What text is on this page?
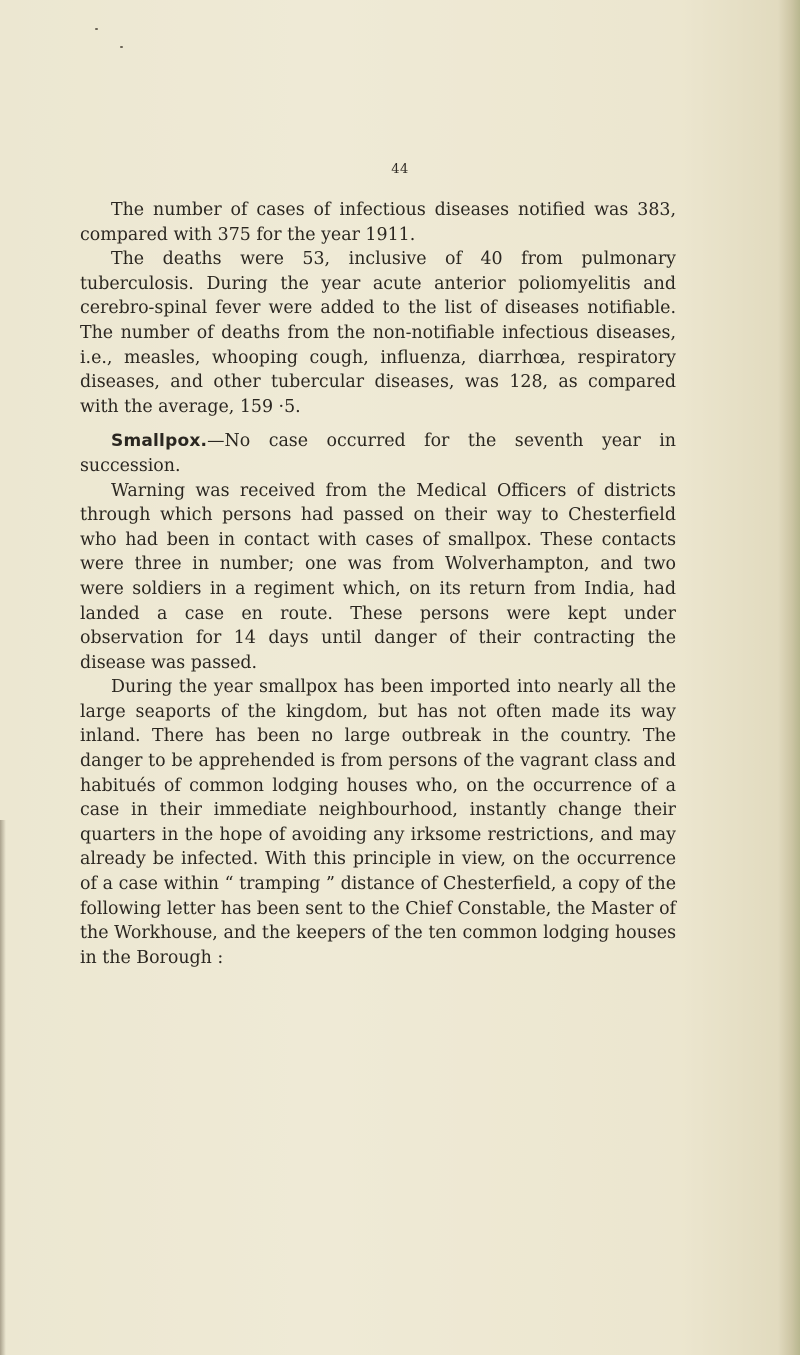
44

The number of cases of infectious diseases notified was 383, compared with 375 for the year 1911.

The deaths were 53, inclusive of 40 from pulmonary tuberculosis. During the year acute anterior poliomyelitis and cerebro-spinal fever were added to the list of diseases notifiable. The number of deaths from the non-notifiable infectious diseases, i.e., measles, whooping cough, influenza, diarrhœa, respiratory diseases, and other tubercular diseases, was 128, as compared with the average, 159 ·5.

Smallpox.—No case occurred for the seventh year in succession.

Warning was received from the Medical Officers of districts through which persons had passed on their way to Chesterfield who had been in contact with cases of smallpox. These contacts were three in number; one was from Wolverhampton, and two were soldiers in a regiment which, on its return from India, had landed a case en route. These persons were kept under observation for 14 days until danger of their contracting the disease was passed.

During the year smallpox has been imported into nearly all the large seaports of the kingdom, but has not often made its way inland. There has been no large outbreak in the country. The danger to be apprehended is from persons of the vagrant class and habitués of common lodging houses who, on the occurrence of a case in their immediate neighbourhood, instantly change their quarters in the hope of avoiding any irksome restrictions, and may already be infected. With this principle in view, on the occurrence of a case within “ tramping ” distance of Chesterfield, a copy of the following letter has been sent to the Chief Constable, the Master of the Workhouse, and the keepers of the ten common lodging houses in the Borough :
